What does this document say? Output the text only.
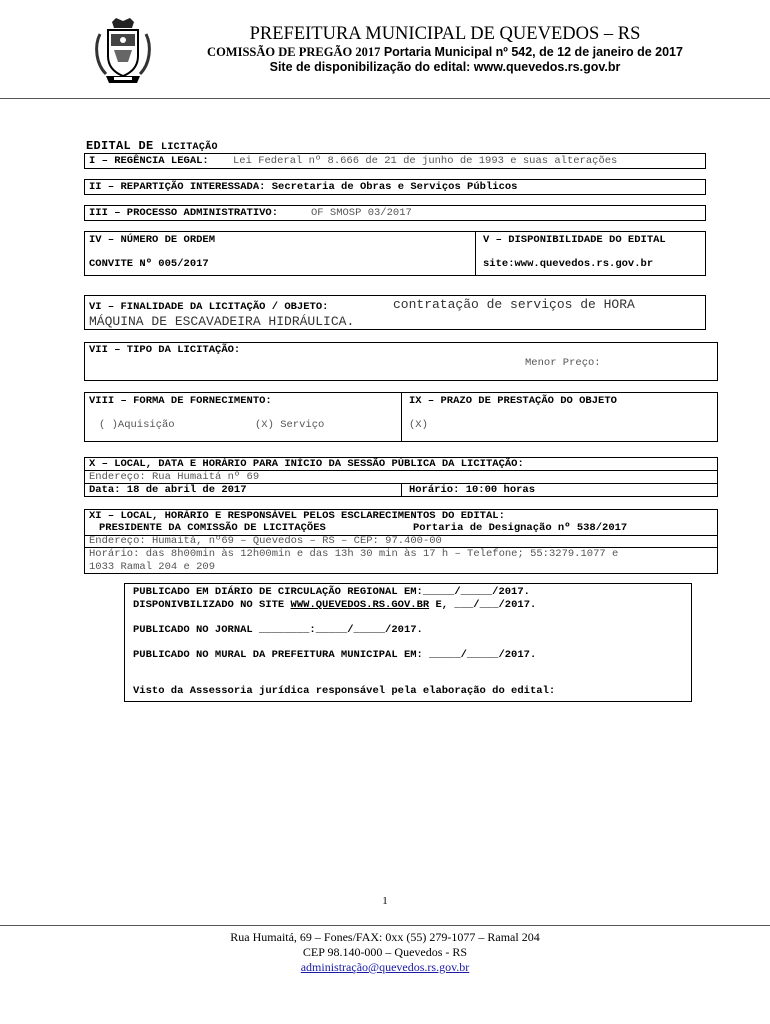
PREFEITURA MUNICIPAL DE QUEVEDOS – RS
COMISSÃO DE PREGÃO 2017 Portaria Municipal nº 542, de 12 de janeiro de 2017
Site de disponibilização do edital: www.quevedos.rs.gov.br
EDITAL DE LICITAÇÃO
I – REGÊNCIA LEGAL: Lei Federal nº 8.666 de 21 de junho de 1993 e suas alterações
II – REPARTIÇÃO INTERESSADA: Secretaria de Obras e Serviços Públicos
III – PROCESSO ADMINISTRATIVO:	OF SMOSP 03/2017
IV – NÚMERO DE ORDEM
CONVITE Nº 005/2017
V – DISPONIBILIDADE DO EDITAL
site:www.quevedos.rs.gov.br
VI – FINALIDADE DA LICITAÇÃO / OBJETO:	contratação de serviços de HORA
MÁQUINA DE ESCAVADEIRA HIDRÁULICA.
VII – TIPO DA LICITAÇÃO:
Menor Preço:
VIII – FORMA DE FORNECIMENTO:
( )Aquisição	(X) Serviço
IX – PRAZO DE PRESTAÇÃO DO OBJETO
(X)
X – LOCAL, DATA E HORÁRIO PARA INÍCIO DA SESSÃO PÚBLICA DA LICITAÇÃO:
Endereço: Rua Humaitá nº 69
Data: 18 de abril de 2017	Horário: 10:00 horas
XI – LOCAL, HORÁRIO E RESPONSÁVEL PELOS ESCLARECIMENTOS DO EDITAL:
PRESIDENTE DA COMISSÃO DE LICITAÇÕES	Portaria de Designação nº 538/2017
Endereço: Humaitá, nº69 – Quevedos – RS – CEP: 97.400-00
Horário: das 8h00min às 12h00min e das 13h 30 min às 17 h – Telefone; 55:3279.1077 e
1033 Ramal 204 e 209
PUBLICADO EM DIÁRIO DE CIRCULAÇÃO REGIONAL EM:_____/_____/2017.
DISPONIVBILIZADO NO SITE WWW.QUEVEDOS.RS.GOV.BR E, ___/___/2017.
PUBLICADO NO JORNAL ________:_____/_____/2017.
PUBLICADO NO MURAL DA PREFEITURA MUNICIPAL EM: _____/_____/2017.
Visto da Assessoria jurídica responsável pela elaboração do edital:
1
Rua Humaitá, 69 – Fones/FAX: 0xx (55) 279-1077 – Ramal 204
CEP 98.140-000 – Quevedos - RS
administração@quevedos.rs.gov.br
